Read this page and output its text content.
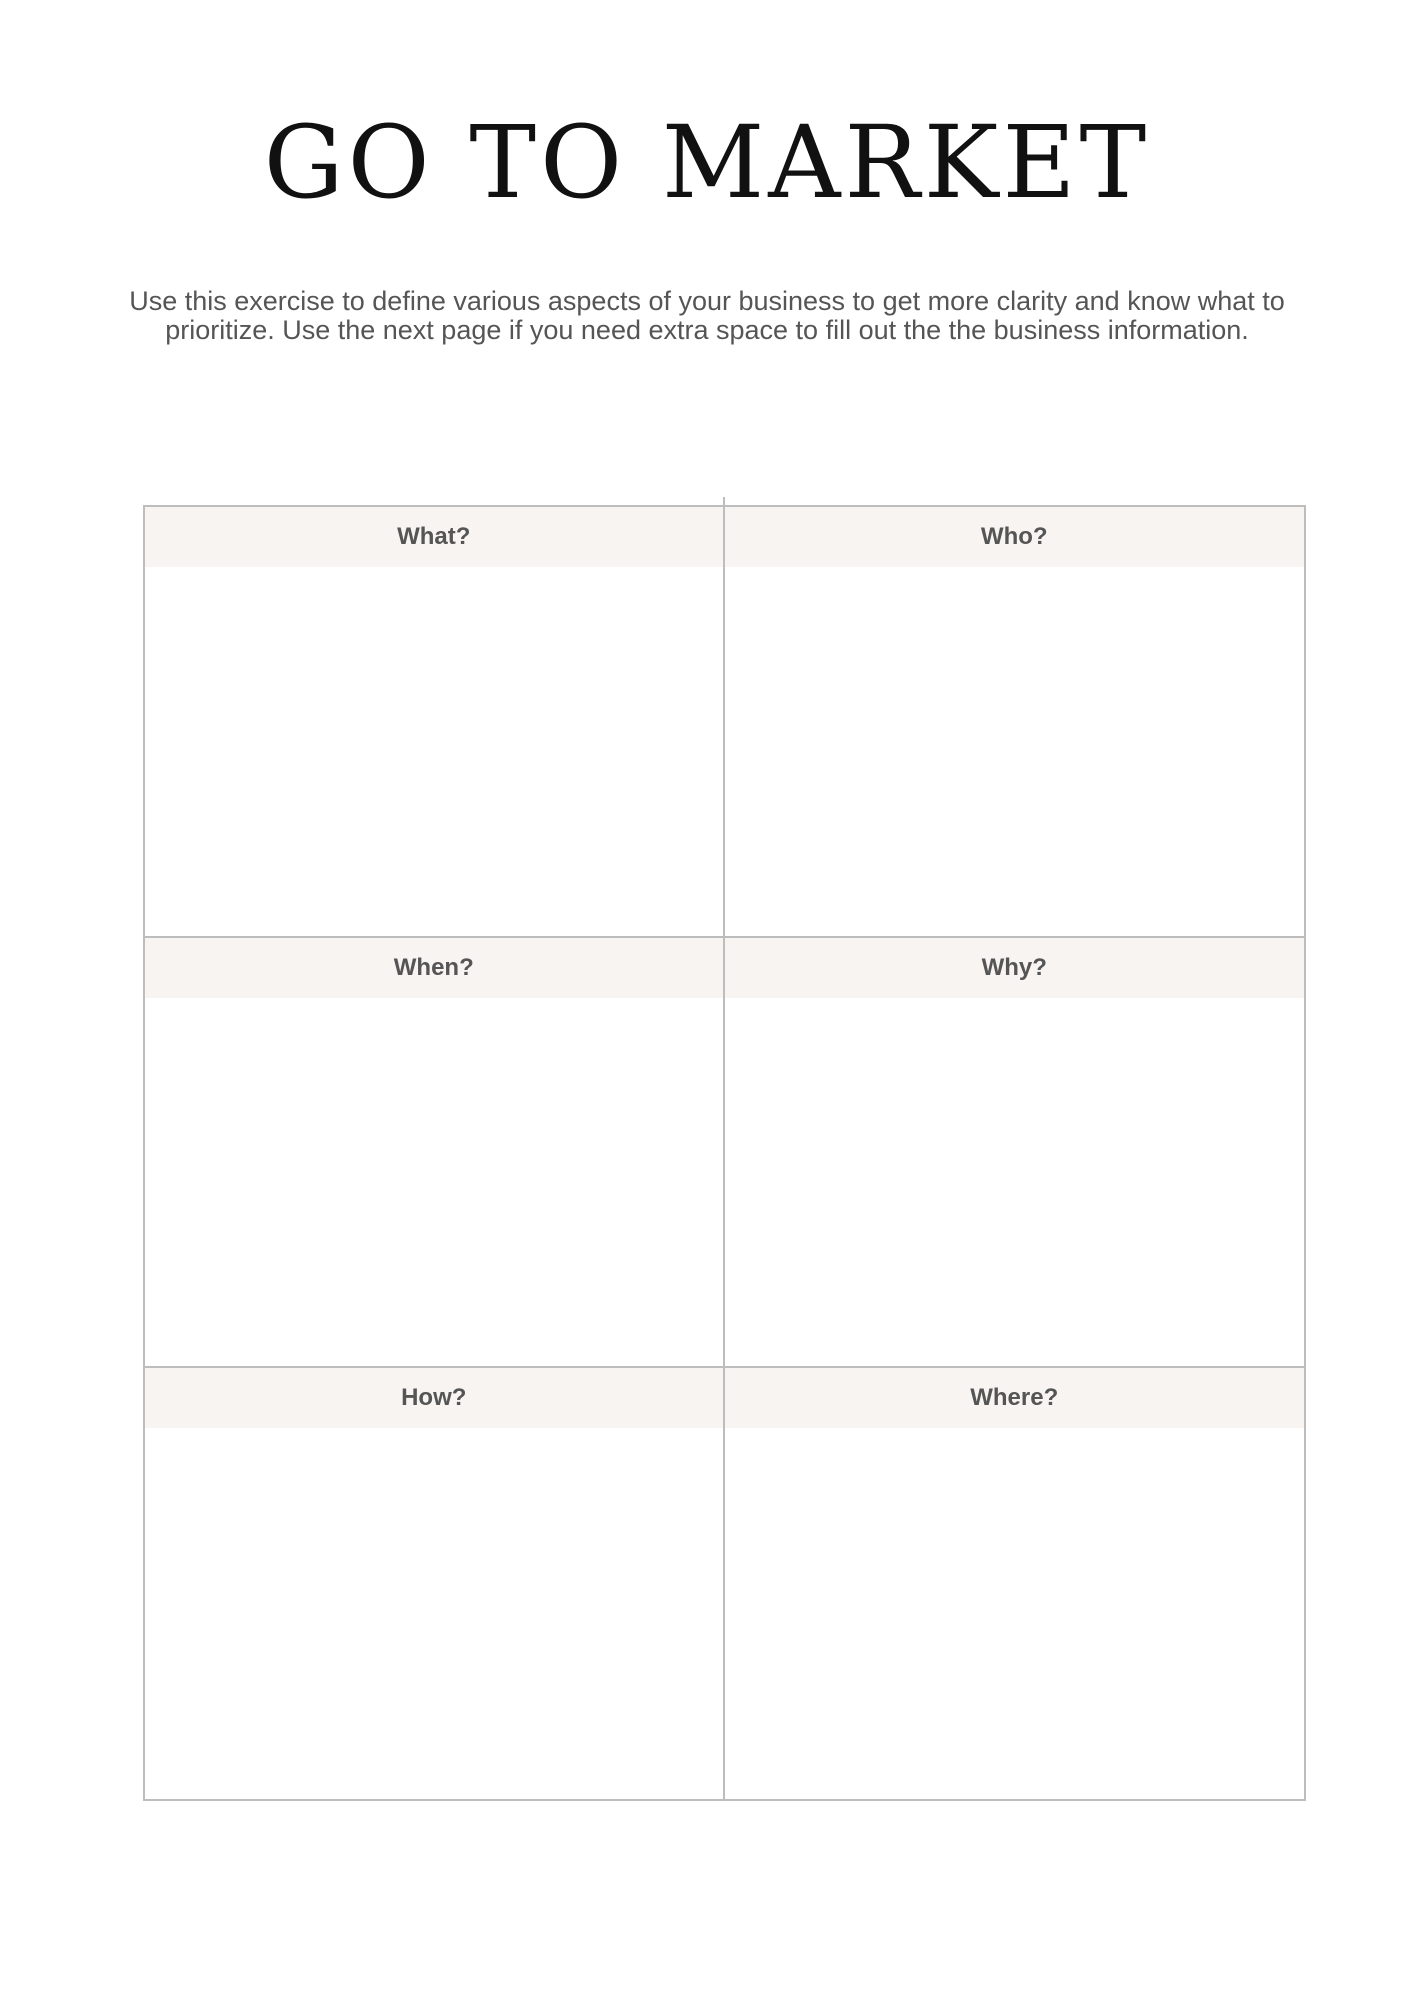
GO TO MARKET

Use this exercise to define various aspects of your business to get more clarity and know what to prioritize. Use the next page if you need extra space to fill out the the business information.

What?	Who?
When?	Why?
How?	Where?
